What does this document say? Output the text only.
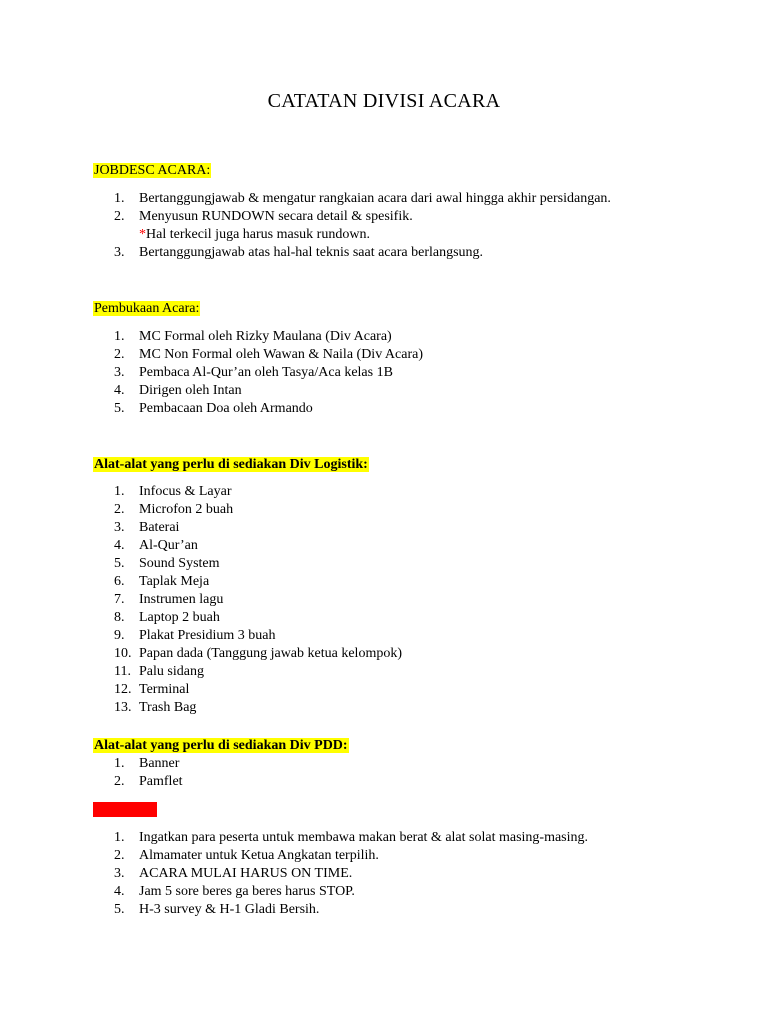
CATATAN DIVISI ACARA

JOBDESC ACARA:

1. Bertanggungjawab & mengatur rangkaian acara dari awal hingga akhir persidangan.
2. Menyusun RUNDOWN secara detail & spesifik.
*Hal terkecil juga harus masuk rundown.
3. Bertanggungjawab atas hal-hal teknis saat acara berlangsung.

Pembukaan Acara:

1. MC Formal oleh Rizky Maulana (Div Acara)
2. MC Non Formal oleh Wawan & Naila (Div Acara)
3. Pembaca Al-Qur’an oleh Tasya/Aca kelas 1B
4. Dirigen oleh Intan
5. Pembacaan Doa oleh Armando

Alat-alat yang perlu di sediakan Div Logistik:

1. Infocus & Layar
2. Microfon 2 buah
3. Baterai
4. Al-Qur’an
5. Sound System
6. Taplak Meja
7. Instrumen lagu
8. Laptop 2 buah
9. Plakat Presidium 3 buah
10. Papan dada (Tanggung jawab ketua kelompok)
11. Palu sidang
12. Terminal
13. Trash Bag

Alat-alat yang perlu di sediakan Div PDD:

1. Banner
2. Pamflet

Tambahan:

1. Ingatkan para peserta untuk membawa makan berat & alat solat masing-masing.
2. Almamater untuk Ketua Angkatan terpilih.
3. ACARA MULAI HARUS ON TIME.
4. Jam 5 sore beres ga beres harus STOP.
5. H-3 survey & H-1 Gladi Bersih.
